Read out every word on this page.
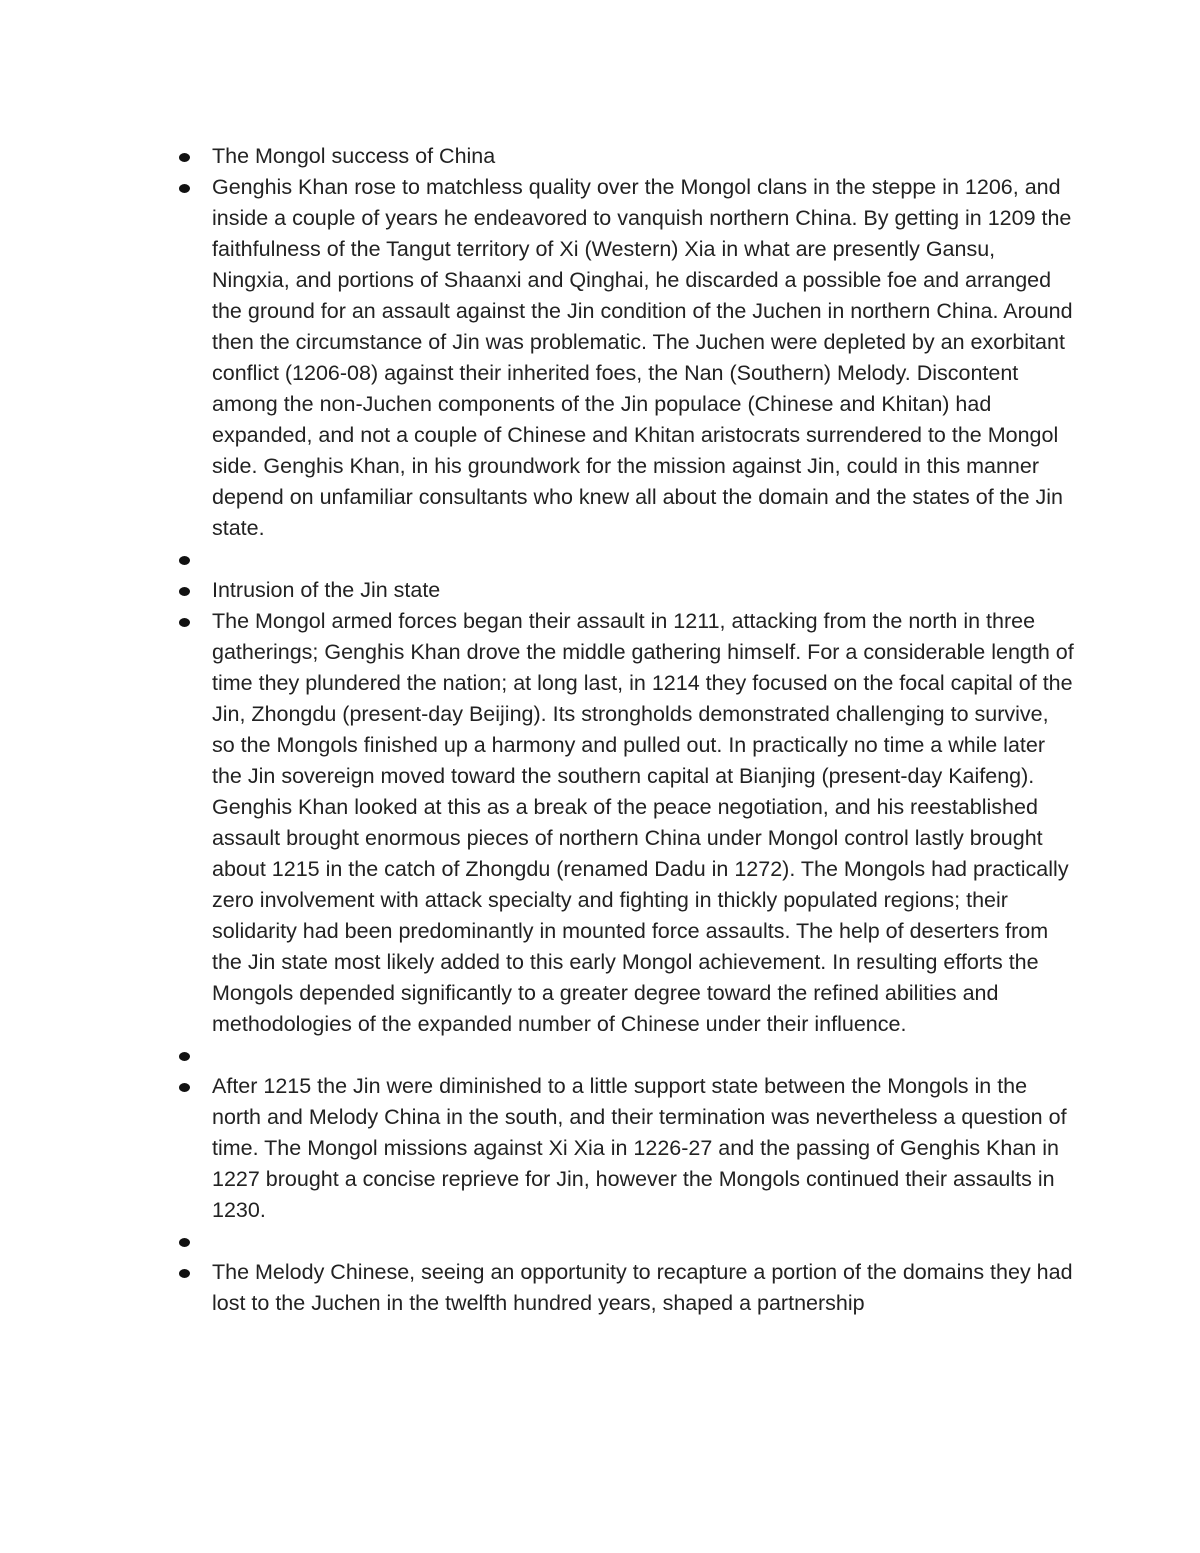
The Mongol success of China
Genghis Khan rose to matchless quality over the Mongol clans in the steppe in 1206, and inside a couple of years he endeavored to vanquish northern China. By getting in 1209 the faithfulness of the Tangut territory of Xi (Western) Xia in what are presently Gansu, Ningxia, and portions of Shaanxi and Qinghai, he discarded a possible foe and arranged the ground for an assault against the Jin condition of the Juchen in northern China. Around then the circumstance of Jin was problematic. The Juchen were depleted by an exorbitant conflict (1206-08) against their inherited foes, the Nan (Southern) Melody. Discontent among the non-Juchen components of the Jin populace (Chinese and Khitan) had expanded, and not a couple of Chinese and Khitan aristocrats surrendered to the Mongol side. Genghis Khan, in his groundwork for the mission against Jin, could in this manner depend on unfamiliar consultants who knew all about the domain and the states of the Jin state.
Intrusion of the Jin state
The Mongol armed forces began their assault in 1211, attacking from the north in three gatherings; Genghis Khan drove the middle gathering himself. For a considerable length of time they plundered the nation; at long last, in 1214 they focused on the focal capital of the Jin, Zhongdu (present-day Beijing). Its strongholds demonstrated challenging to survive, so the Mongols finished up a harmony and pulled out. In practically no time a while later the Jin sovereign moved toward the southern capital at Bianjing (present-day Kaifeng). Genghis Khan looked at this as a break of the peace negotiation, and his reestablished assault brought enormous pieces of northern China under Mongol control lastly brought about 1215 in the catch of Zhongdu (renamed Dadu in 1272). The Mongols had practically zero involvement with attack specialty and fighting in thickly populated regions; their solidarity had been predominantly in mounted force assaults. The help of deserters from the Jin state most likely added to this early Mongol achievement. In resulting efforts the Mongols depended significantly to a greater degree toward the refined abilities and methodologies of the expanded number of Chinese under their influence.
After 1215 the Jin were diminished to a little support state between the Mongols in the north and Melody China in the south, and their termination was nevertheless a question of time. The Mongol missions against Xi Xia in 1226-27 and the passing of Genghis Khan in 1227 brought a concise reprieve for Jin, however the Mongols continued their assaults in 1230.
The Melody Chinese, seeing an opportunity to recapture a portion of the domains they had lost to the Juchen in the twelfth hundred years, shaped a partnership
